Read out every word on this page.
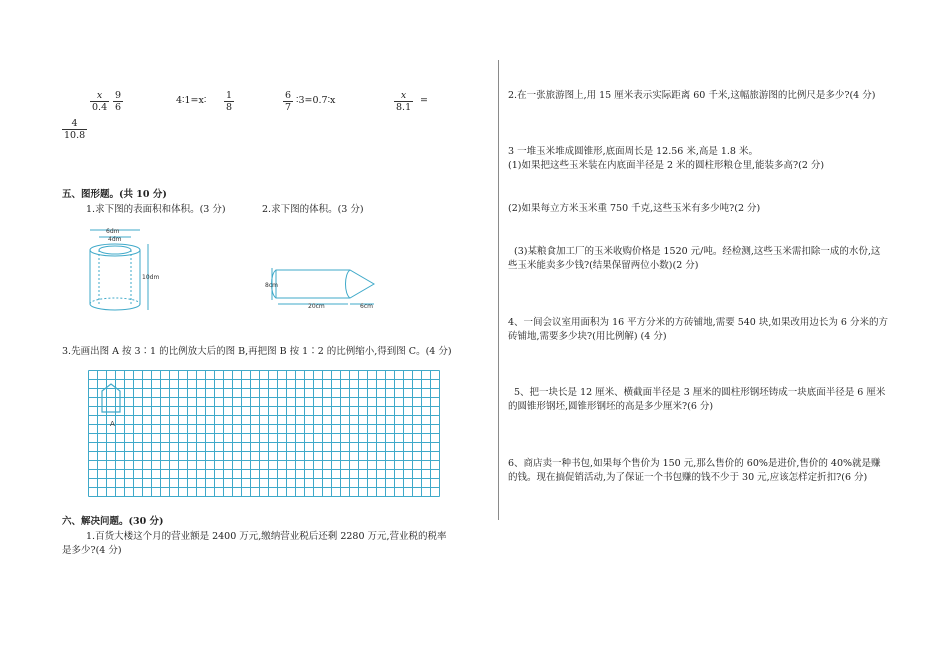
$\frac{x}{0.4} \frac{9}{6}$	4∶1=x∶ $\frac{1}{8}$	$\frac{6}{7}$ ∶3=0.7∶x	$\frac{x}{8.1}$ =
$\frac{4}{10.8}$
五、图形题。(共 10 分)
1.求下图的表面积和体积。(3 分)	2.求下图的体积。(3 分)
6dm
4dm
10dm
8cm
20cm	6cm
3.先画出图 A 按 3∶1 的比例放大后的图 B,再把图 B 按 1∶2 的比例缩小,得到图 C。(4 分)
A
六、解决问题。(30 分)
1.百货大楼这个月的营业额是 2400 万元,缴纳营业税后还剩 2280 万元,营业税的税率是多少?(4 分)
2.在一张旅游图上,用 15 厘米表示实际距离 60 千米,这幅旅游图的比例尺是多少?(4 分)
3 一堆玉米堆成圆锥形,底面周长是 12.56 米,高是 1.8 米。
(1)如果把这些玉米装在内底面半径是 2 米的圆柱形粮仓里,能装多高?(2 分)
(2)如果每立方米玉米重 750 千克,这些玉米有多少吨?(2 分)
(3)某粮食加工厂的玉米收购价格是 1520 元/吨。经检测,这些玉米需扣除一成的水份,这些玉米能卖多少钱?(结果保留两位小数)(2 分)
4、一间会议室用面积为 16 平方分米的方砖铺地,需要 540 块,如果改用边长为 6 分米的方砖铺地,需要多少块?(用比例解) (4 分)
5、把一块长是 12 厘米、横截面半径是 3 厘米的圆柱形钢坯铸成一块底面半径是 6 厘米的圆锥形钢坯,圆锥形钢坯的高是多少厘米?(6 分)
6、商店卖一种书包,如果每个售价为 150 元,那么售价的 60%是进价,售价的 40%就是赚的钱。现在搞促销活动,为了保证一个书包赚的钱不少于 30 元,应该怎样定折扣?(6 分)
